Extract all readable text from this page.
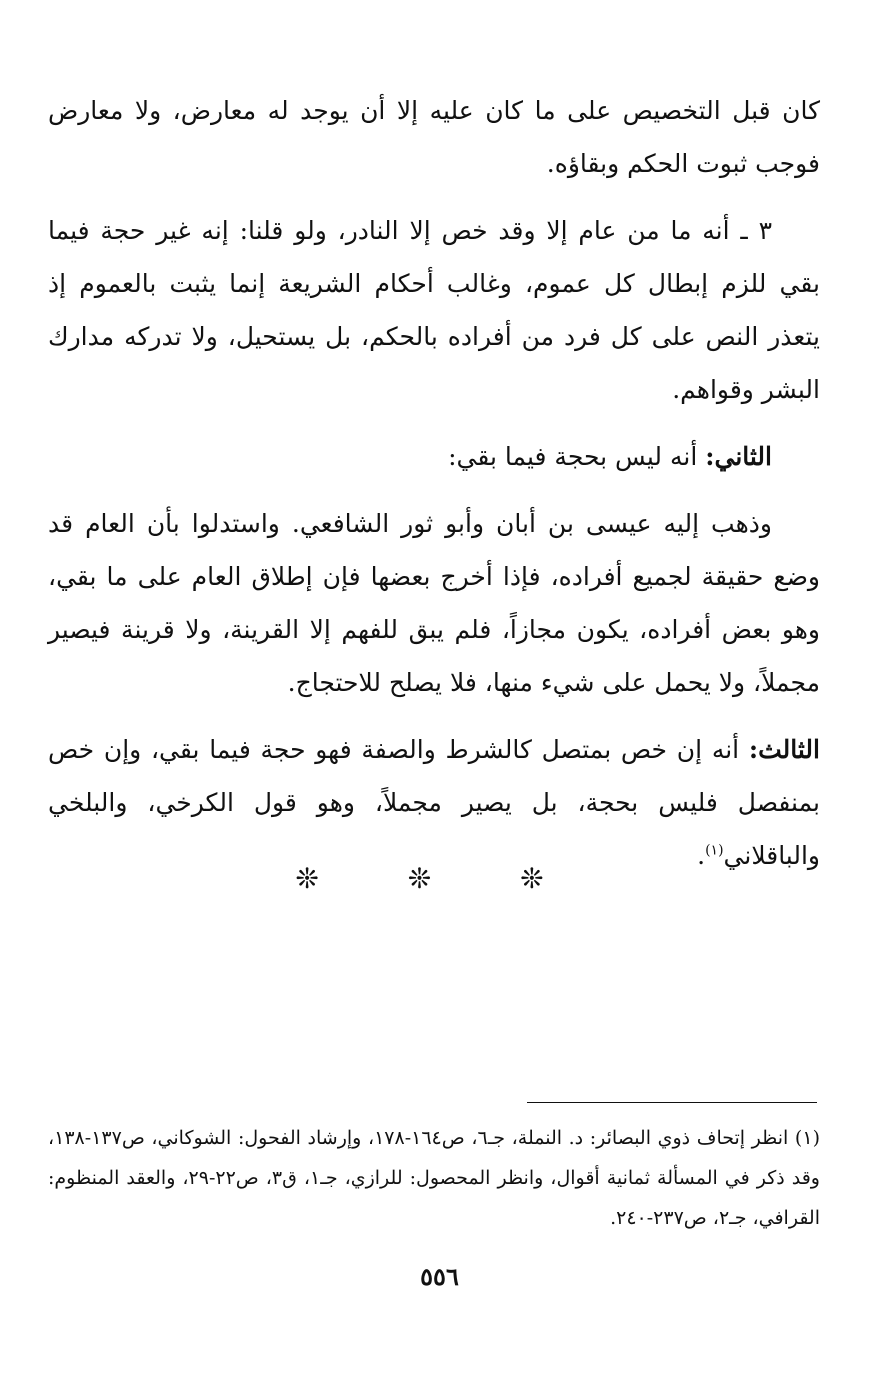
كان قبل التخصيص على ما كان عليه إلا أن يوجد له معارض، ولا معارض فوجب ثبوت الحكم وبقاؤه.

٣ ـ أنه ما من عام إلا وقد خص إلا النادر، ولو قلنا: إنه غير حجة فيما بقي للزم إبطال كل عموم، وغالب أحكام الشريعة إنما يثبت بالعموم إذ يتعذر النص على كل فرد من أفراده بالحكم، بل يستحيل، ولا تدركه مدارك البشر وقواهم.

الثاني: أنه ليس بحجة فيما بقي:

وذهب إليه عيسى بن أبان وأبو ثور الشافعي. واستدلوا بأن العام قد وضع حقيقة لجميع أفراده، فإذا أخرج بعضها فإن إطلاق العام على ما بقي، وهو بعض أفراده، يكون مجازاً، فلم يبق للفهم إلا القرينة، ولا قرينة فيصير مجملاً، ولا يحمل على شيء منها، فلا يصلح للاحتجاج.

الثالث: أنه إن خص بمتصل كالشرط والصفة فهو حجة فيما بقي، وإن خص بمنفصل فليس بحجة، بل يصير مجملاً، وهو قول الكرخي، والبلخي والباقلاني$^{(١)}$.

❊ ❊ ❊

(١) انظر إتحاف ذوي البصائر: د. النملة، جـ٦، ص١٦٤-١٧٨، وإرشاد الفحول: الشوكاني، ص١٣٧-١٣٨، وقد ذكر في المسألة ثمانية أقوال، وانظر المحصول: للرازي، جـ١، ق٣، ص٢٢-٢٩، والعقد المنظوم: القرافي، جـ٢، ص٢٣٧-٢٤٠.

٥٥٦
